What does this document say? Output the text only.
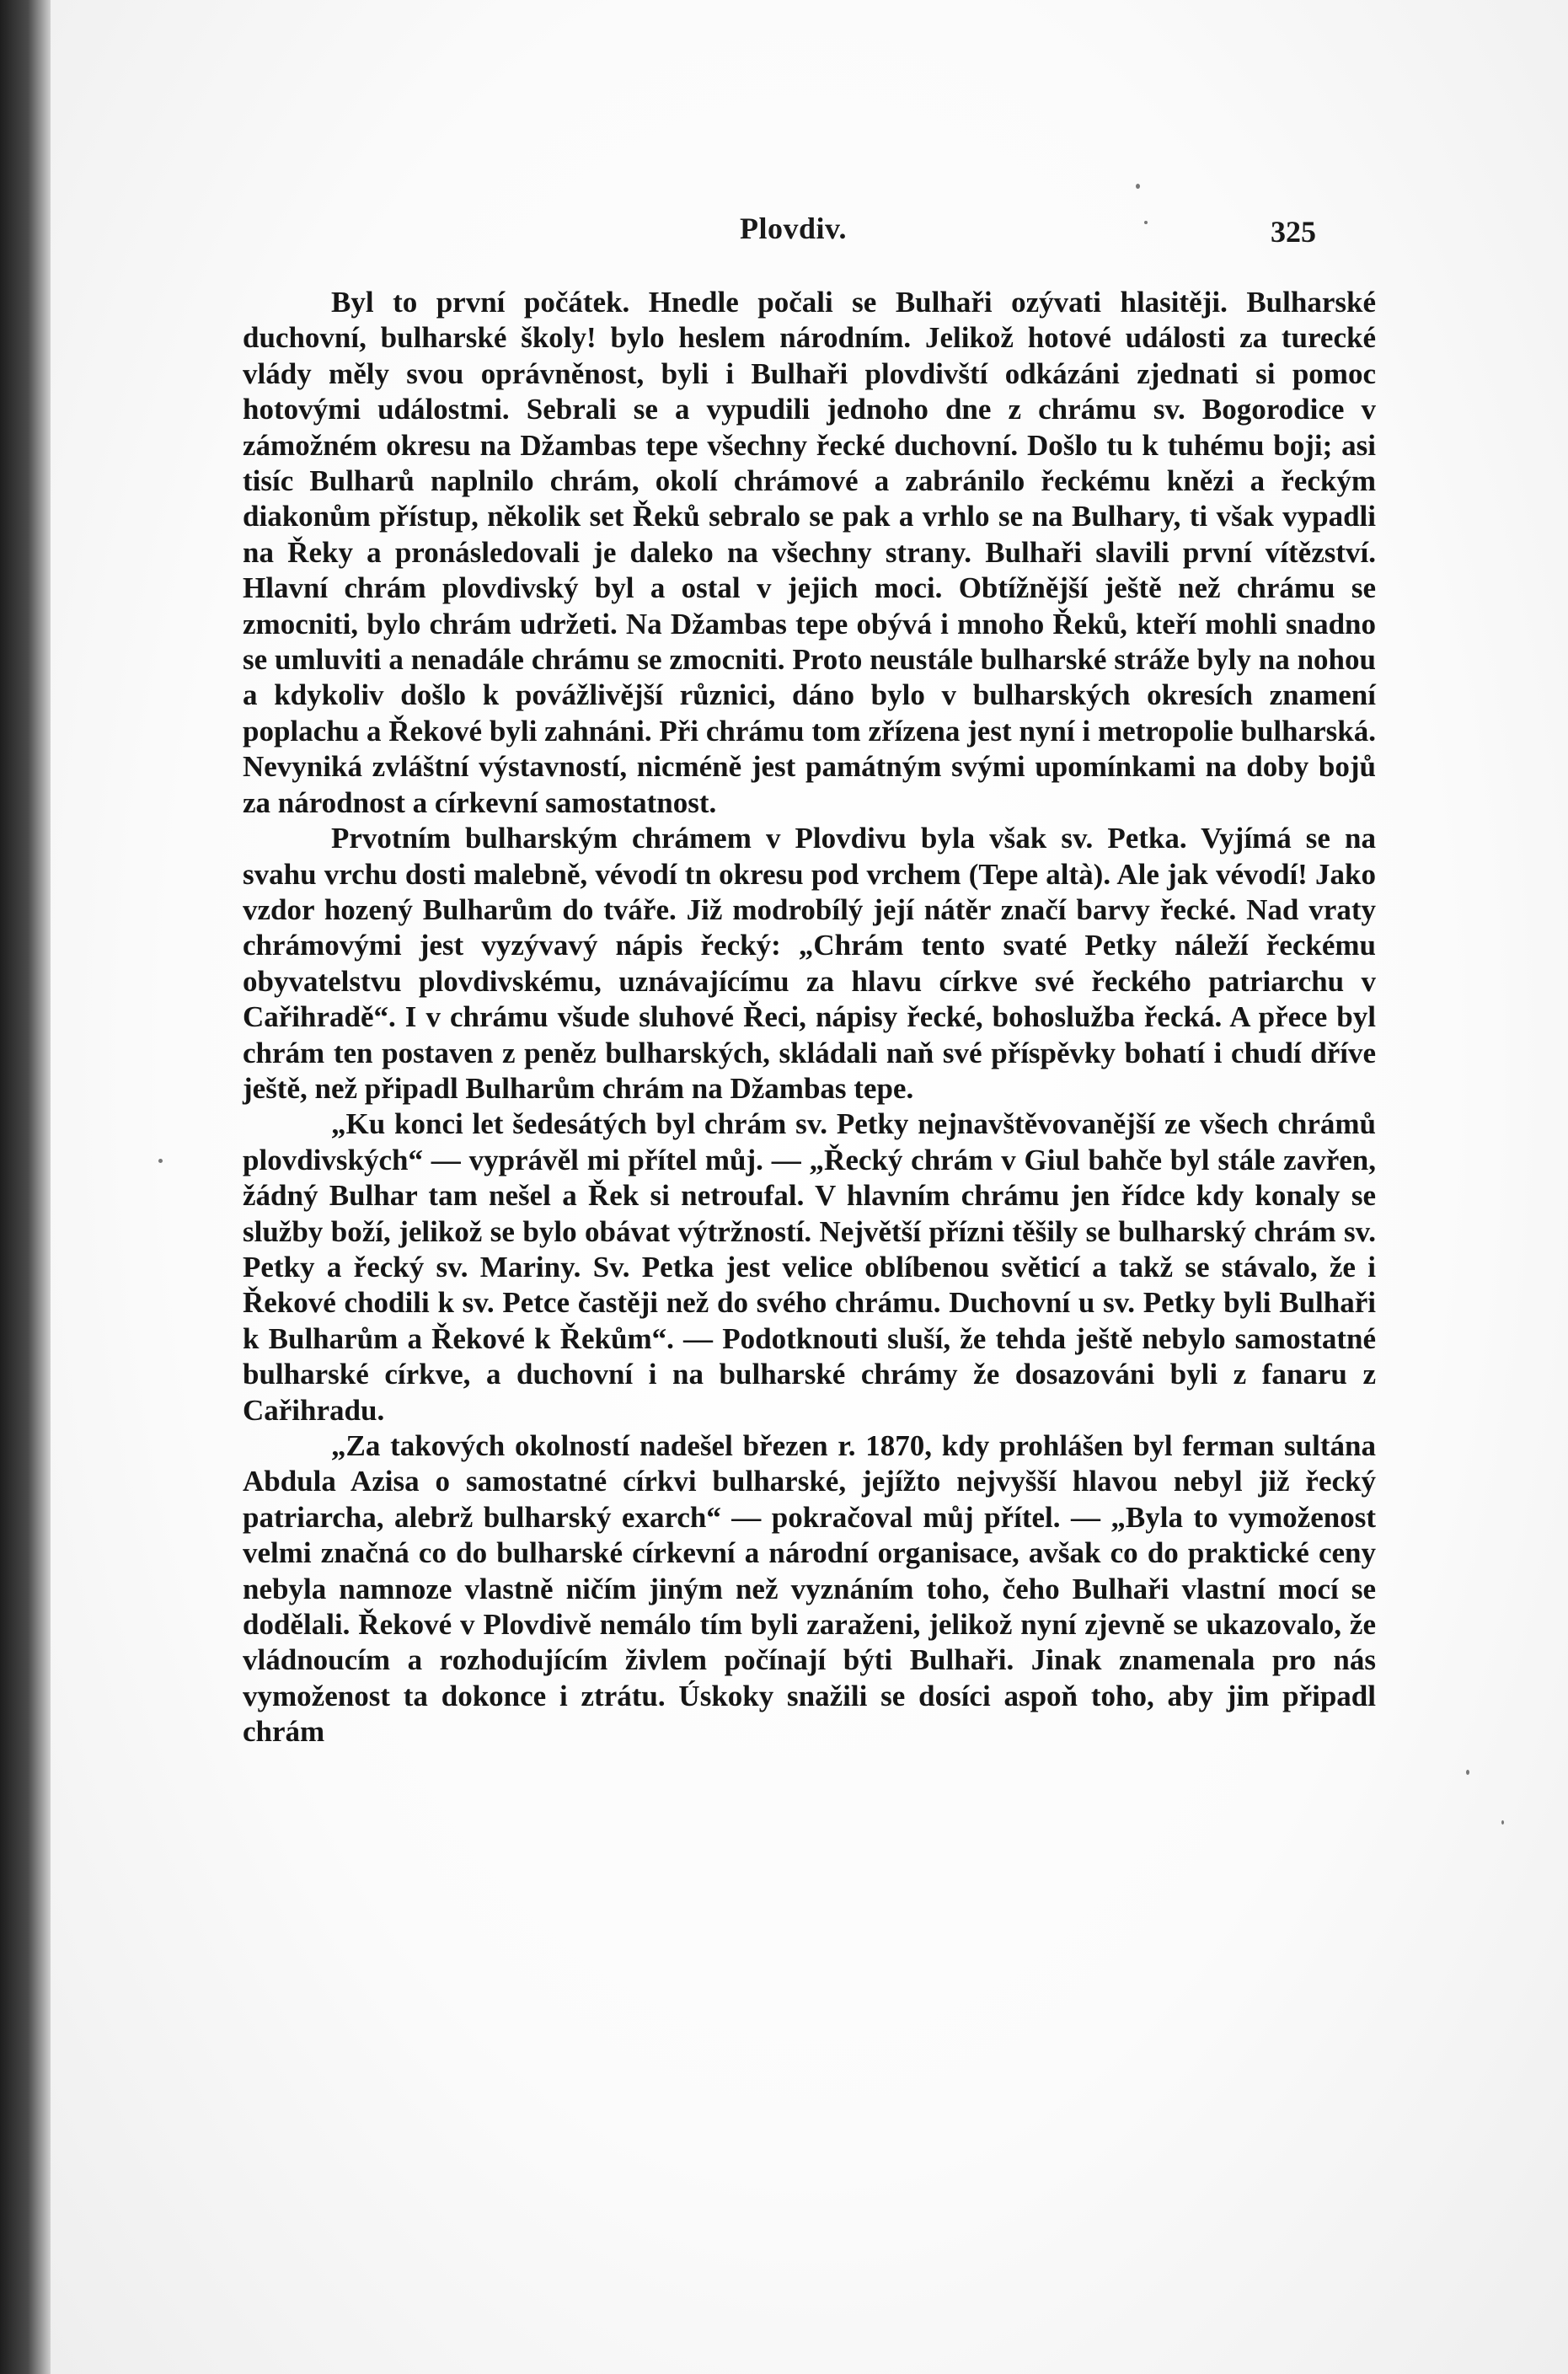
Plovdiv.	325

Byl to první počátek. Hnedle počali se Bulhaři ozývati hlasitěji. Bulharské duchovní, bulharské školy! bylo heslem národním. Jelikož hotové události za turecké vlády měly svou oprávněnost, byli i Bulhaři plovdivští odkázáni zjednati si pomoc hotovými událostmi. Sebrali se a vypudili jednoho dne z chrámu sv. Bogorodice v zámožném okresu na Džambas tepe všechny řecké duchovní. Došlo tu k tuhému boji; asi tisíc Bulharů naplnilo chrám, okolí chrámové a zabránilo řeckému knězi a řeckým diakonům přístup, několik set Řeků sebralo se pak a vrhlo se na Bulhary, ti však vypadli na Řeky a pronásledovali je daleko na všechny strany. Bulhaři slavili první vítězství. Hlavní chrám plovdivský byl a ostal v jejich moci. Obtížnější ještě než chrámu se zmocniti, bylo chrám udržeti. Na Džambas tepe obývá i mnoho Řeků, kteří mohli snadno se umluviti a nenadále chrámu se zmocniti. Proto neustále bulharské stráže byly na nohou a kdykoliv došlo k povážlivější různici, dáno bylo v bulharských okresích znamení poplachu a Řekové byli zahnáni. Při chrámu tom zřízena jest nyní i metropolie bulharská. Nevyniká zvláštní výstavností, nicméně jest památným svými upomínkami na doby bojů za národnost a církevní samostatnost.

Prvotním bulharským chrámem v Plovdivu byla však sv. Petka. Vyjímá se na svahu vrchu dosti malebně, vévodí tn okresu pod vrchem (Tepe altà). Ale jak vévodí! Jako vzdor hozený Bulharům do tváře. Již modrobílý její nátěr značí barvy řecké. Nad vraty chrámovými jest vyzývavý nápis řecký: „Chrám tento svaté Petky náleží řeckému obyvatelstvu plovdivskému, uznávajícímu za hlavu církve své řeckého patriarchu v Cařihradě“. I v chrámu všude sluhové Řeci, nápisy řecké, bohoslužba řecká. A přece byl chrám ten postaven z peněz bulharských, skládali naň své příspěvky bohatí i chudí dříve ještě, než připadl Bulharům chrám na Džambas tepe.

„Ku konci let šedesátých byl chrám sv. Petky nejnavštěvovanější ze všech chrámů plovdivských“ — vyprávěl mi přítel můj. — „Řecký chrám v Giul bahče byl stále zavřen, žádný Bulhar tam nešel a Řek si netroufal. V hlavním chrámu jen řídce kdy konaly se služby boží, jelikož se bylo obávat výtržností. Největší přízni těšily se bulharský chrám sv. Petky a řecký sv. Mariny. Sv. Petka jest velice oblíbenou světicí a takž se stávalo, že i Řekové chodili k sv. Petce častěji než do svého chrámu. Duchovní u sv. Petky byli Bulhaři k Bulharům a Řekové k Řekům“. — Podotknouti sluší, že tehda ještě nebylo samostatné bulharské církve, a duchovní i na bulharské chrámy že dosazováni byli z fanaru z Cařihradu.

„Za takových okolností nadešel březen r. 1870, kdy prohlášen byl ferman sultána Abdula Azisa o samostatné církvi bulharské, jejížto nejvyšší hlavou nebyl již řecký patriarcha, alebrž bulharský exarch“ — pokračoval můj přítel. — „Byla to vymoženost velmi značná co do bulharské církevní a národní organisace, avšak co do praktické ceny nebyla namnoze vlastně ničím jiným než vyznáním toho, čeho Bulhaři vlastní mocí se dodělali. Řekové v Plovdivě nemálo tím byli zaraženi, jelikož nyní zjevně se ukazovalo, že vládnoucím a rozhodujícím živlem počínají býti Bulhaři. Jinak znamenala pro nás vymoženost ta dokonce i ztrátu. Úskoky snažili se dosíci aspoň toho, aby jim připadl chrám
